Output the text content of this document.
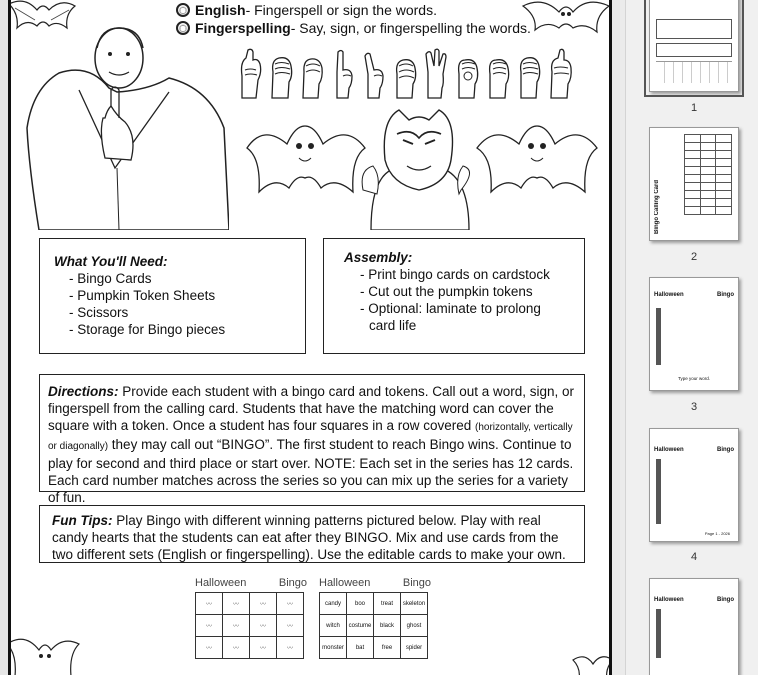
English- Fingerspell or sign the words.
Fingerspelling- Say, sign, or fingerspelling the words.
What You'll Need:
- Bingo Cards
- Pumpkin Token Sheets
- Scissors
- Storage for Bingo pieces
Assembly:
- Print bingo cards on cardstock
- Cut out the pumpkin tokens
- Optional: laminate to prolong
card life
Directions: Provide each student with a bingo card and tokens. Call out a word, sign, or fingerspell from the calling card. Students that have the matching word can cover the square with a token. Once a student has four squares in a row covered (horizontally, vertically or diagonally) they may call out “BINGO”. The first student to reach Bingo wins. Continue to play for second and third place or start over. NOTE: Each set in the series has 12 cards. Each card number matches across the series so you can mix up the series for a variety of fun.
Fun Tips: Play Bingo with different winning patterns pictured below. Play with real candy hearts that the students can eat after they BINGO. Mix and use cards from the two different sets (English or fingerspelling). Use the editable cards to make your own.
Halloween	Bingo
〰	〰	〰	〰
〰	〰	〰	〰
〰	〰	〰	〰
Halloween	Bingo
candy	boo	treat	skeleton
witch	costume	black	ghost
monster	bat	free	spider
1
Bingo Calling Card

2
Halloween	Bingo

Type your word.
3
Halloween	Bingo

Page 1 - 2026
4
Halloween	Bingo
